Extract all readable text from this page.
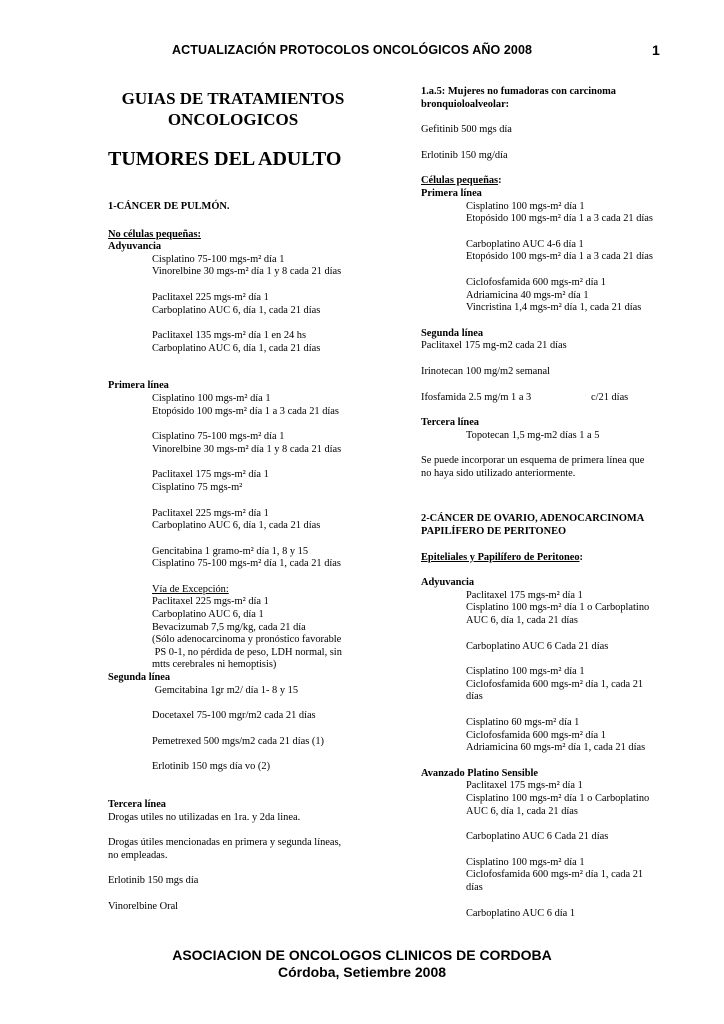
ACTUALIZACIÓN PROTOCOLOS ONCOLÓGICOS AÑO 2008	1
GUIAS DE TRATAMIENTOS
ONCOLOGICOS
TUMORES DEL ADULTO
1-CÁNCER DE PULMÓN.
No células pequeñas:
Adyuvancia
Cisplatino 75-100 mgs-m² día 1
Vinorelbine 30 mgs-m² día 1 y 8 cada 21 días
Paclitaxel 225 mgs-m² día 1
Carboplatino AUC 6, día 1, cada 21 días
Paclitaxel 135 mgs-m² día 1 en 24 hs
Carboplatino AUC 6, día 1, cada 21 días
Primera línea
Cisplatino 100 mgs-m² día 1
Etopósido 100 mgs-m² día 1 a 3 cada 21 días
Cisplatino 75-100 mgs-m² día 1
Vinorelbine 30 mgs-m² día 1 y 8 cada 21 días
Paclitaxel 175 mgs-m² día 1
Cisplatino 75 mgs-m²
Paclitaxel 225 mgs-m² día 1
Carboplatino AUC 6, día 1, cada 21 días
Gencitabina 1 gramo-m² día 1, 8 y 15
Cisplatino 75-100 mgs-m² día 1, cada 21 días
Vía de Excepción:
Paclitaxel 225 mgs-m² día 1
Carboplatino AUC 6, día 1
Bevacizumab 7,5 mg/kg, cada 21 día
(Sólo adenocarcinoma y pronóstico favorable
PS 0-1, no pérdida de peso, LDH normal, sin
mtts cerebrales ni hemoptisis)
Segunda línea
Gemcitabina 1gr m2/ día 1- 8 y 15
Docetaxel 75-100 mgr/m2 cada 21 días
Pemetrexed 500 mgs/m2 cada 21 días (1)
Erlotinib 150 mgs día vo (2)
Tercera línea
Drogas utiles no utilizadas en 1ra. y 2da linea.
Drogas útiles mencionadas en primera y segunda líneas,
no empleadas.
Erlotinib 150 mgs día
Vinorelbine Oral
1.a.5: Mujeres no fumadoras con carcinoma
bronquioloalveolar:
Gefitinib 500 mgs día
Erlotinib 150 mg/día
Células pequeñas:
Primera línea
Cisplatino 100 mgs-m² día 1
Etopósido 100 mgs-m² día 1 a 3 cada 21 días
Carboplatino AUC 4-6 día 1
Etopósido 100 mgs-m² día 1 a 3 cada 21 días
Ciclofosfamida 600 mgs-m² día 1
Adriamicina 40 mgs-m² día 1
Vincristina 1,4 mgs-m² día 1, cada 21 días
Segunda línea
Paclitaxel 175 mg-m2 cada 21 días
Irinotecan 100 mg/m2 semanal
Ifosfamida 2.5 mg/m 1 a 3	c/21 días
Tercera línea
Topotecan 1,5 mg-m2 días 1 a 5
Se puede incorporar un esquema de primera línea que
no haya sido utilizado anteriormente.
2-CÁNCER DE OVARIO, ADENOCARCINOMA
PAPILÍFERO DE PERITONEO
Epiteliales y Papilífero de Peritoneo:
Adyuvancia
Paclitaxel 175 mgs-m² día 1
Cisplatino 100 mgs-m² día 1 o Carboplatino
AUC 6, día 1, cada 21 días
Carboplatino AUC 6 Cada 21 días
Cisplatino 100 mgs-m² día 1
Ciclofosfamida 600 mgs-m² día 1, cada 21
días
Cisplatino 60 mgs-m² día 1
Ciclofosfamida 600 mgs-m² día 1
Adriamicina 60 mgs-m² día 1, cada 21 días
Avanzado Platino Sensible
Paclitaxel 175 mgs-m² día 1
Cisplatino 100 mgs-m² día 1 o Carboplatino
AUC 6, día 1, cada 21 días
Carboplatino AUC 6 Cada 21 días
Cisplatino 100 mgs-m² día 1
Ciclofosfamida 600 mgs-m² día 1, cada 21
días
Carboplatino AUC 6 día 1
ASOCIACION DE ONCOLOGOS CLINICOS DE CORDOBA
Córdoba, Setiembre 2008
